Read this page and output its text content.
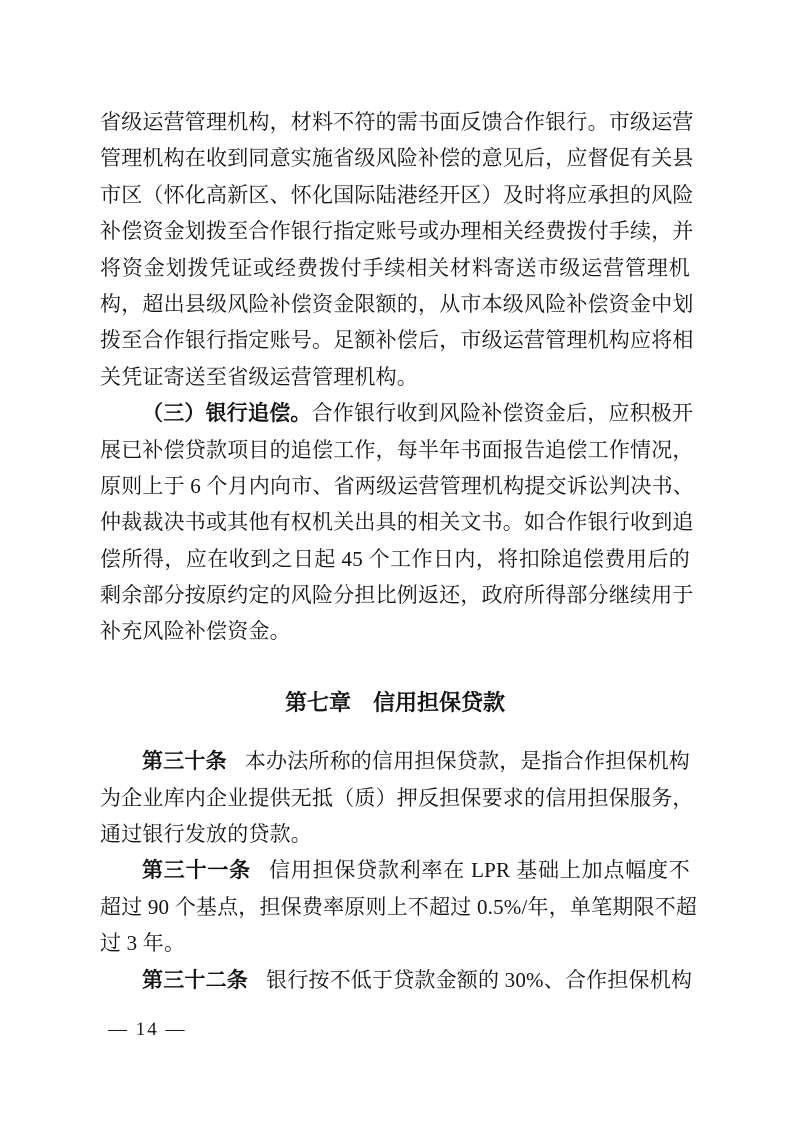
省级运营管理机构，材料不符的需书面反馈合作银行。市级运营
管理机构在收到同意实施省级风险补偿的意见后，应督促有关县
市区（怀化高新区、怀化国际陆港经开区）及时将应承担的风险
补偿资金划拨至合作银行指定账号或办理相关经费拨付手续，并
将资金划拨凭证或经费拨付手续相关材料寄送市级运营管理机
构，超出县级风险补偿资金限额的，从市本级风险补偿资金中划
拨至合作银行指定账号。足额补偿后，市级运营管理机构应将相
关凭证寄送至省级运营管理机构。
（三）银行追偿。合作银行收到风险补偿资金后，应积极开
展已补偿贷款项目的追偿工作，每半年书面报告追偿工作情况，
原则上于 6 个月内向市、省两级运营管理机构提交诉讼判决书、
仲裁裁决书或其他有权机关出具的相关文书。如合作银行收到追
偿所得，应在收到之日起 45 个工作日内，将扣除追偿费用后的
剩余部分按原约定的风险分担比例返还，政府所得部分继续用于
补充风险补偿资金。
第七章　信用担保贷款
第三十条 本办法所称的信用担保贷款，是指合作担保机构
为企业库内企业提供无抵（质）押反担保要求的信用担保服务，
通过银行发放的贷款。
第三十一条 信用担保贷款利率在 LPR 基础上加点幅度不
超过 90 个基点，担保费率原则上不超过 0.5%/年，单笔期限不超
过 3 年。
第三十二条 银行按不低于贷款金额的 30%、合作担保机构
— 14 —
